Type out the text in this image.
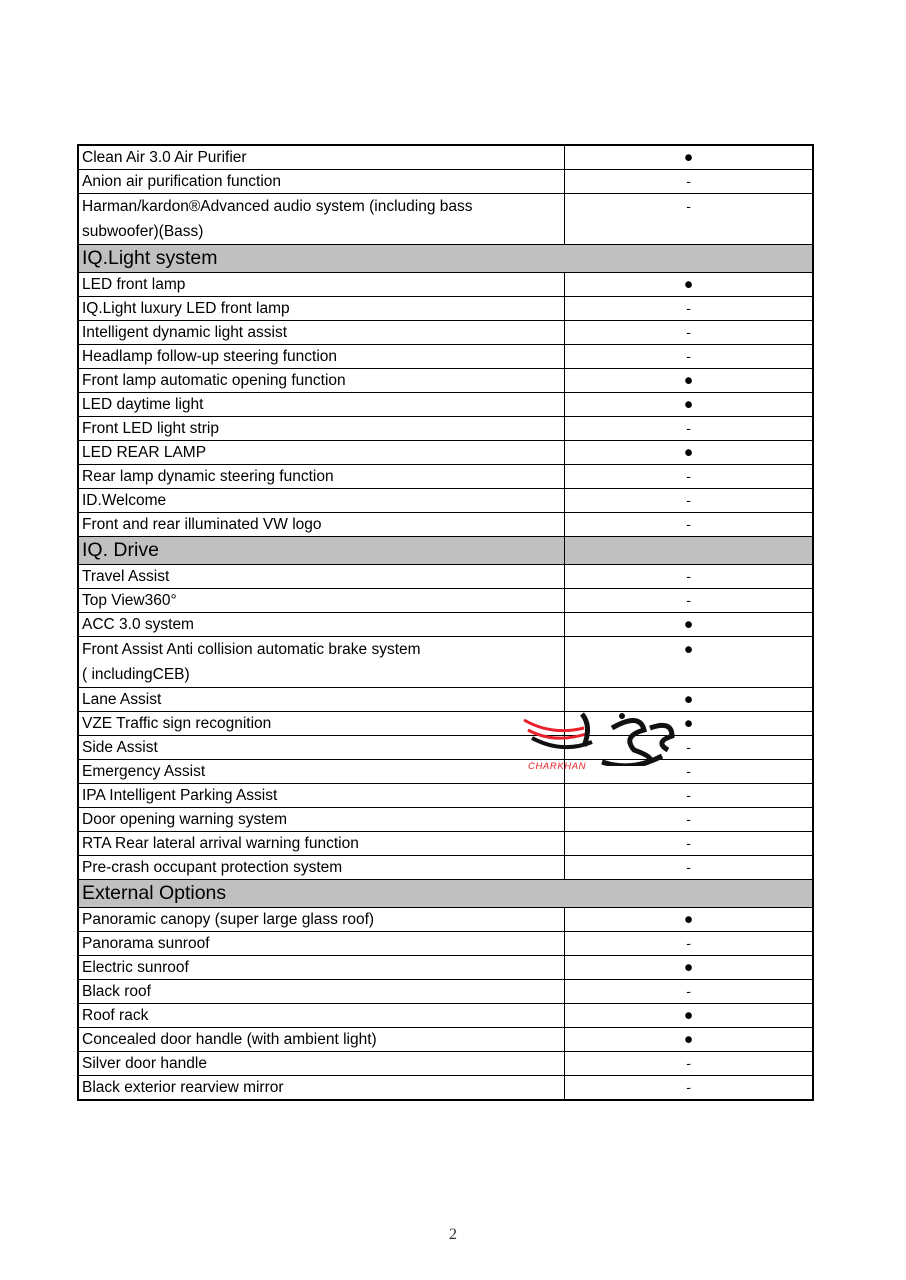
Clean Air 3.0 Air Purifier	●
Anion air purification function	-

Harman/kardon®Advanced audio system (including bass
subwoofer)(Bass)	-
IQ.Light system	
LED front lamp	●
IQ.Light luxury LED front lamp	-
Intelligent dynamic light assist	-
Headlamp follow-up steering function	-
Front lamp automatic opening function	●
LED daytime light	●
Front LED light strip	-
LED REAR LAMP	●
Rear lamp dynamic steering function	-
ID.Welcome	-
Front and rear illuminated VW logo	-
IQ. Drive	
Travel Assist	-
Top View360°	-
ACC 3.0 system	●

Front Assist Anti collision automatic brake system
( includingCEB)	●
Lane Assist	●
VZE Traffic sign recognition	●
Side Assist	-
Emergency Assist	-
IPA Intelligent Parking Assist	-
Door opening warning system	-
RTA Rear lateral arrival warning function	-
Pre-crash occupant protection system	-
External Options	
Panoramic canopy (super large glass roof)	●
Panorama sunroof	-
Electric sunroof	●
Black roof	-
Roof rack	●
Concealed door handle (with ambient light)	●
Silver door handle	-
Black exterior rearview mirror	-
CHARKHAN
2
